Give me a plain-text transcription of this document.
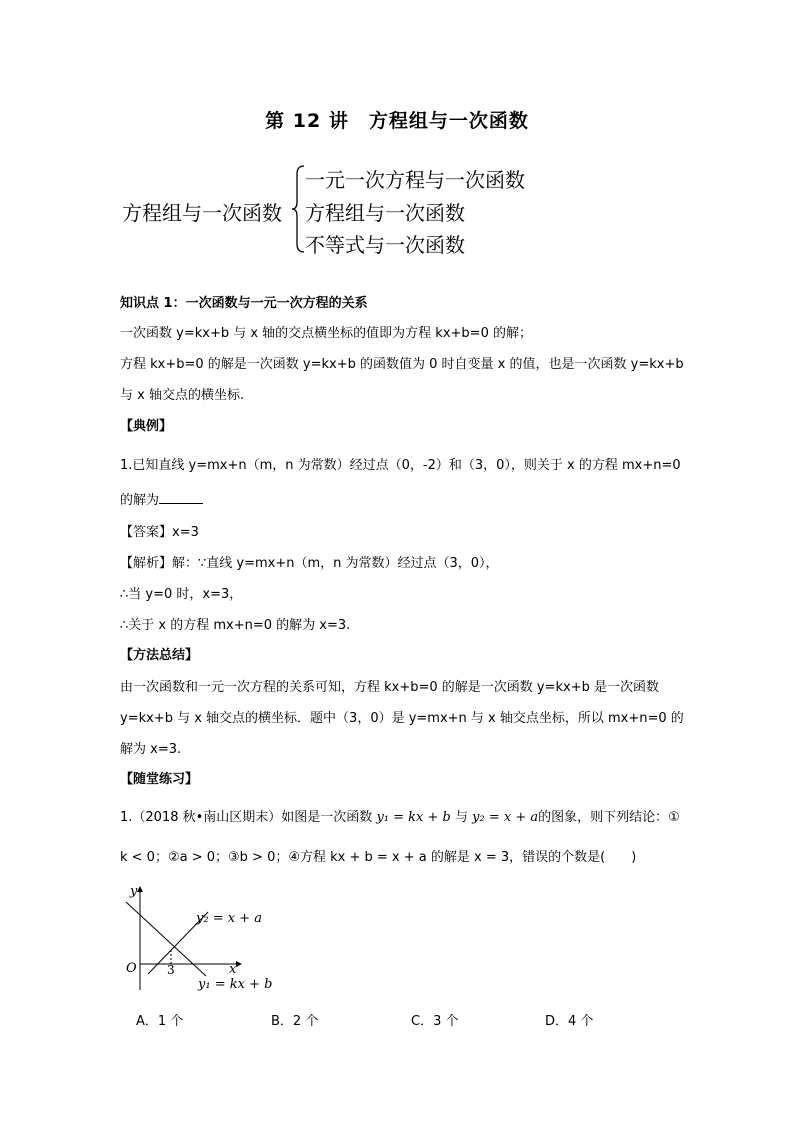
第 12 讲　方程组与一次函数
方程组与一次函数
一元一次方程与一次函数
方程组与一次函数
不等式与一次函数
知识点 1：一次函数与一元一次方程的关系
一次函数 y=kx+b 与 x 轴的交点横坐标的值即为方程 kx+b=0 的解；
方程 kx+b=0 的解是一次函数 y=kx+b 的函数值为 0 时自变量 x 的值，也是一次函数 y=kx+b
与 x 轴交点的横坐标.
【典例】
1.已知直线 y=mx+n（m，n 为常数）经过点（0，-2）和（3，0），则关于 x 的方程 mx+n=0
的解为
【答案】x=3
【解析】解：∵直线 y=mx+n（m，n 为常数）经过点（3，0），
∴当 y=0 时，x=3，
∴关于 x 的方程 mx+n=0 的解为 x=3.
【方法总结】
由一次函数和一元一次方程的关系可知，方程 kx+b=0 的解是一次函数 y=kx+b 是一次函数
y=kx+b 与 x 轴交点的横坐标．题中（3，0）是 y=mx+n 与 x 轴交点坐标，所以 mx+n=0 的
解为 x=3.
【随堂练习】
1.（2018 秋•南山区期末）如图是一次函数 y₁ = kx + b 与 y₂ = x + a的图象，则下列结论：①
k < 0；②a > 0；③b > 0；④方程 kx + b = x + a 的解是 x = 3，错误的个数是(　　)
y
x
O	3
y₂ = x + a
y₁ = kx + b
A．1 个	B．2 个	C．3 个	D．4 个
